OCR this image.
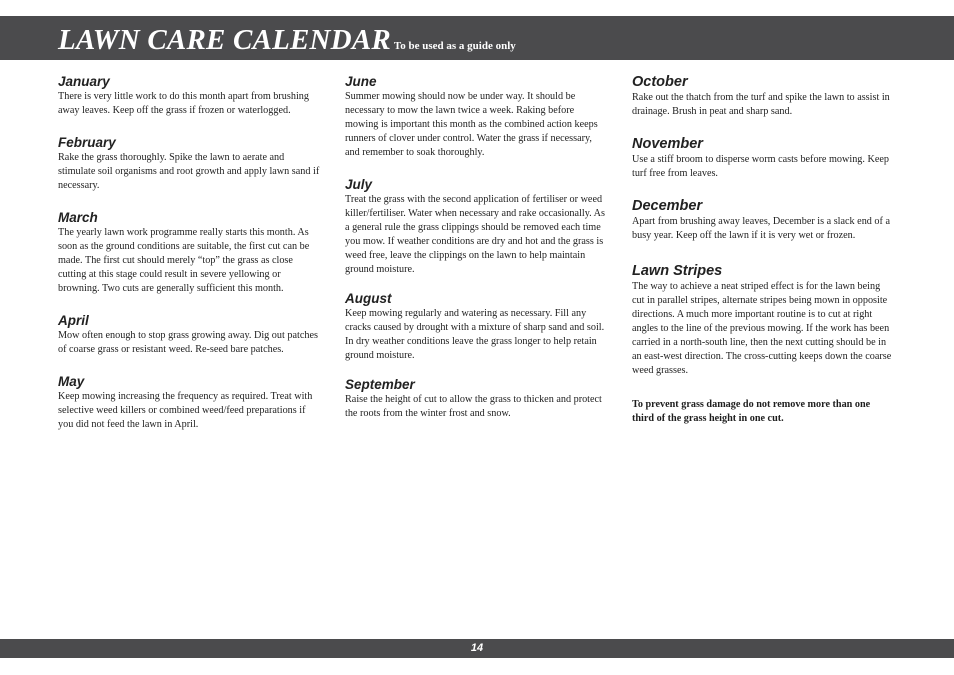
LAWN CARE CALENDAR To be used as a guide only
January

There is very little work to do this month apart from brushing away leaves. Keep off the grass if frozen or waterlogged.

February

Rake the grass thoroughly. Spike the lawn to aerate and stimulate soil organisms and root growth and apply lawn sand if necessary.

March

The yearly lawn work programme really starts this month. As soon as the ground conditions are suitable, the first cut can be made. The first cut should merely “top” the grass as close cutting at this stage could result in severe yellowing or browning. Two cuts are generally sufficient this month.

April

Mow often enough to stop grass growing away. Dig out patches of coarse grass or resistant weed. Re-seed bare patches.

May

Keep mowing increasing the frequency as required. Treat with selective weed killers or combined weed/feed preparations if you did not feed the lawn in April.

June

Summer mowing should now be under way. It should be necessary to mow the lawn twice a week. Raking before mowing is important this month as the combined action keeps runners of clover under control. Water the grass if necessary, and remember to soak thoroughly.

July

Treat the grass with the second application of fertiliser or weed killer/fertiliser. Water when necessary and rake occasionally. As a general rule the grass clippings should be removed each time you mow. If weather conditions are dry and hot and the grass is weed free, leave the clippings on the lawn to help maintain ground moisture.

August

Keep mowing regularly and watering as necessary. Fill any cracks caused by drought with a mixture of sharp sand and soil. In dry weather conditions leave the grass longer to help retain ground moisture.

September

Raise the height of cut to allow the grass to thicken and protect the roots from the winter frost and snow.

October

Rake out the thatch from the turf and spike the lawn to assist in drainage. Brush in peat and sharp sand.

November

Use a stiff broom to disperse worm casts before mowing. Keep turf free from leaves.

December

Apart from brushing away leaves, December is a slack end of a busy year. Keep off the lawn if it is very wet or frozen.

Lawn Stripes

The way to achieve a neat striped effect is for the lawn being cut in parallel stripes, alternate stripes being mown in opposite directions. A much more important routine is to cut at right angles to the line of the previous mowing. If the work has been carried in a north-south line, then the next cutting should be in an east-west direction. The cross-cutting keeps down the coarse weed grasses.

To prevent grass damage do not remove more than one third of the grass height in one cut.

14
